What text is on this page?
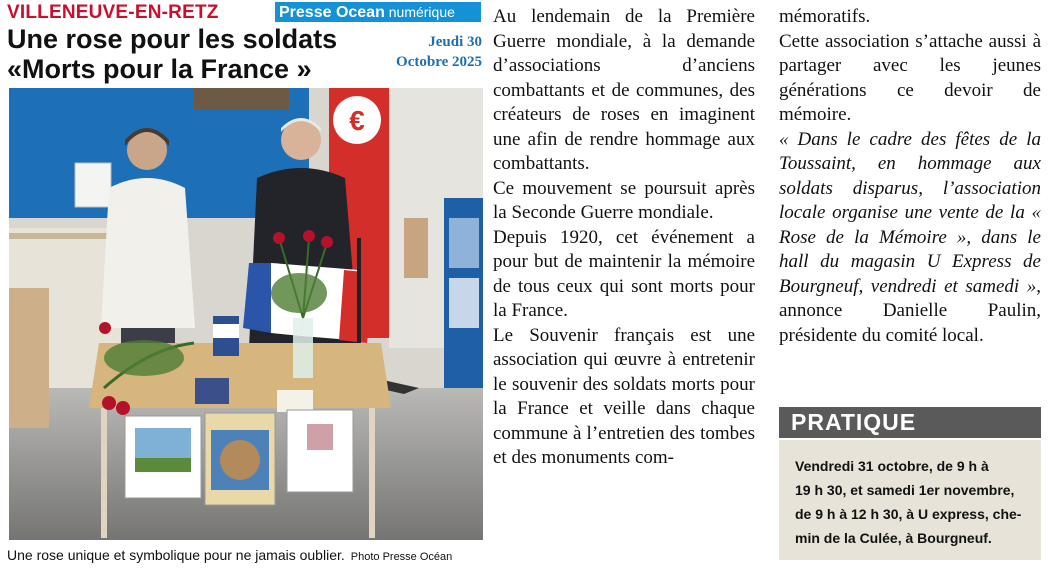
VILLENEUVE-EN-RETZ	Presse Ocean numérique
Une rose pour les soldats
«Morts pour la France »
Jeudi 30
Octobre 2025
€
Une rose unique et symbolique pour ne jamais oublier. Photo Presse Océan

Au lendemain de la Première Guerre mondiale, à la demande d’associations d’anciens combattants et de communes, des créateurs de roses en imaginent une afin de rendre hommage aux combattants.

Ce mouvement se poursuit après la Seconde Guerre mondiale.

Depuis 1920, cet événement a pour but de maintenir la mémoire de tous ceux qui sont morts pour la France.

Le Souvenir français est une association qui œuvre à entretenir le souvenir des soldats morts pour la France et veille dans chaque commune à l’entretien des tombes et des monuments com-

mémoratifs.

Cette association s’attache aussi à partager avec les jeunes générations ce devoir de mémoire.

« Dans le cadre des fêtes de la Toussaint, en hommage aux soldats disparus, l’association locale organise une vente de la « Rose de la Mémoire », dans le hall du magasin U Express de Bourgneuf, vendredi et samedi », annonce Danielle Paulin, présidente du comité local.

PRATIQUE
Vendredi 31 octobre, de 9 h à
19 h 30, et samedi 1er novembre,
de 9 h à 12 h 30, à U express, che-
min de la Culée, à Bourgneuf.
